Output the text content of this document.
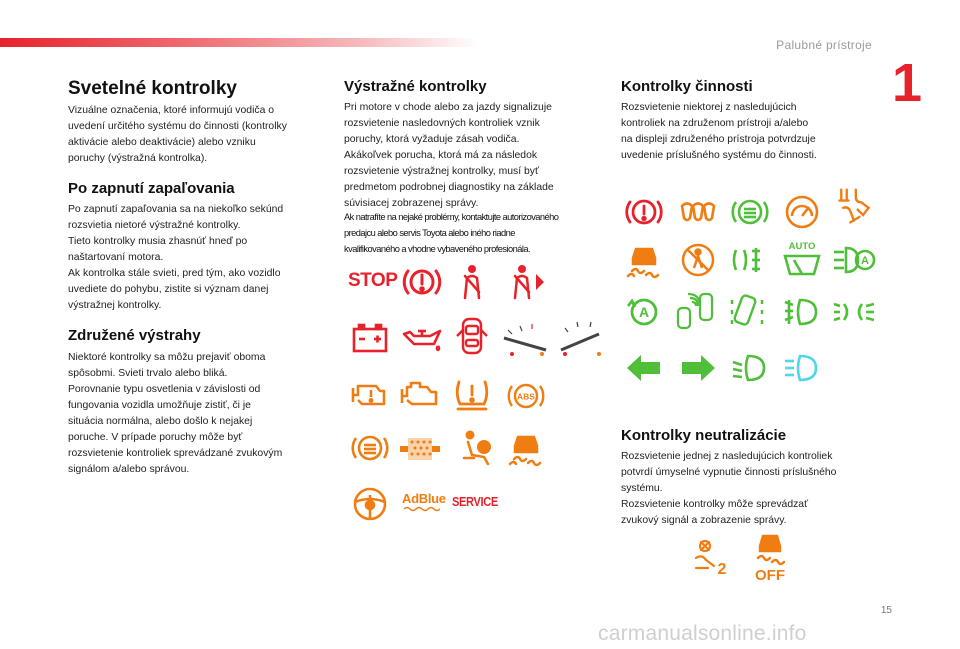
Palubné prístroje
1
15
carmanualsonline.info
Svetelné kontrolky

Vizuálne označenia, ktoré informujú vodiča o
uvedení určitého systému do činnosti (kontrolky
aktivácie alebo deaktivácie) alebo vzniku
poruchy (výstražná kontrolka).

Po zapnutí zapaľovania

Po zapnutí zapaľovania sa na niekoľko sekúnd
rozsvietia nietoré výstražné kontrolky.
Tieto kontrolky musia zhasnúť hneď po
naštartovaní motora.
Ak kontrolka stále svieti, pred tým, ako vozidlo
uvediete do pohybu, zistite si význam danej
výstražnej kontrolky.

Združené výstrahy

Niektoré kontrolky sa môžu prejaviť oboma
spôsobmi. Svieti trvalo alebo bliká.
Porovnanie typu osvetlenia v závislosti od
fungovania vozidla umožňuje zistiť, či je
situácia normálna, alebo došlo k nejakej
poruche. V prípade poruchy môže byť
rozsvietenie kontroliek sprevádzané zvukovým
signálom a/alebo správou.

Výstražné kontrolky

Pri motore v chode alebo za jazdy signalizuje
rozsvietenie nasledovných kontroliek vznik
poruchy, ktorá vyžaduje zásah vodiča.
Akákoľvek porucha, ktorá má za následok
rozsvietenie výstražnej kontrolky, musí byť
predmetom podrobnej diagnostiky na základe
súvisiacej zobrazenej správy.

Ak natrafíte na nejaké problémy, kontaktujte autorizovaného
predajcu alebo servis Toyota alebo iného riadne
kvalifikovaného a vhodne vybaveného profesionála.
Kontrolky činnosti

Rozsvietenie niektorej z nasledujúcich
kontroliek na združenom prístroji a/alebo
na displeji združeného prístroja potvrdzuje
uvedenie príslušného systému do činnosti.

Kontrolky neutralizácie

Rozsvietenie jednej z nasledujúcich kontroliek
potvrdí úmyselné vypnutie činnosti príslušného
systému.
Rozsvietenie kontrolky môže sprevádzať
zvukový signál a zobrazenie správy.

STOP
ABS
AdBlue SERVICE
AUTO
A
A
2 OFF
